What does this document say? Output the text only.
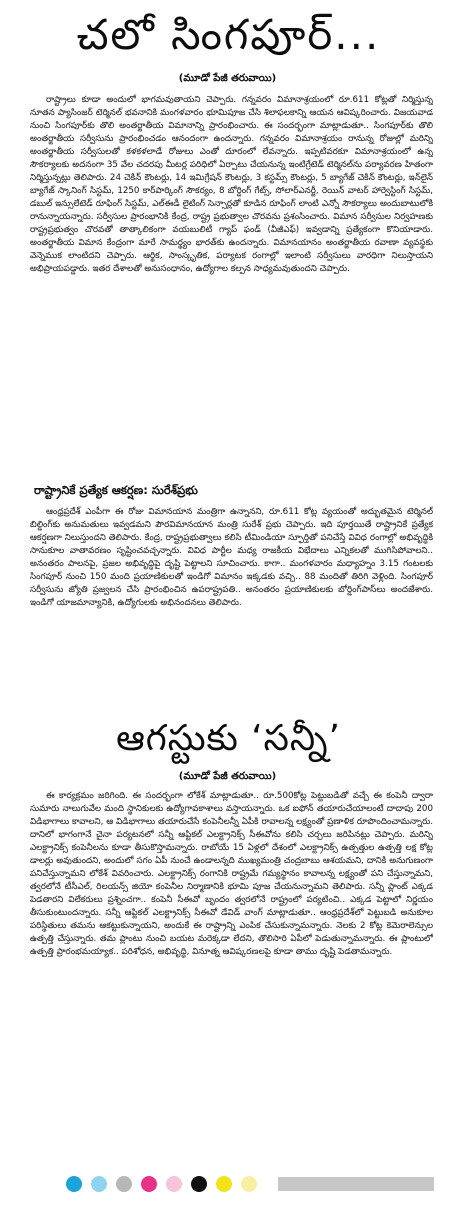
చలో సింగపూర్...
(మూడో పేజీ తరువాయి)

రాష్ట్రాలు కూడా అందులో భాగమవుతాయని చెప్పారు. గన్నవరం విమానాశ్రయంలో రూ.611 కోట్లతో నిర్మిస్తున్న నూతన ప్యాసింజర్ టెర్మినల్ భవనానికి మంగళవారం భూమిపూజ చేసి శిలాఫలకాన్ని ఆయన ఆవిష్కరించారు. విజయవాడ నుంచి సింగపూర్‌కు తొలి అంతర్జాతీయ విమానాన్ని ప్రారంభించారు. ఈ సందర్భంగా మాట్లాడుతూ.. సింగపూర్‌కు తొలి అంతర్జాతీయ సర్వీసును ప్రారంభించడం ఆనందంగా ఉందన్నారు. గన్నవరం విమానాశ్రయం రానున్న రోజుల్లో మరిన్ని అంతర్జాతీయ సర్వీసులతో కళకళలాడే రోజులు ఎంతో దూరంలో లేవన్నారు. ఇప్పటివరకూ విమానాశ్రయంలో ఉన్న సౌకర్యాలకు అదనంగా 35 వేల చదరపు మీటర్ల పరిధిలో ఏర్పాటు చేయనున్న ఇంటిగ్రేటెడ్ టెర్మినల్‌ను పర్యావరణ హితంగా నిర్మిస్తున్నట్లు తెలిపారు. 24 చెకిన్ కౌంటర్లు, 14 ఇమిగ్రేషన్ కౌంటర్లు, 3 కస్టమ్స్ కౌంటర్లు, 5 బ్యాగేజ్ చెకిన్ కౌంటర్లు, ఇన్‌లైన్ బ్యాగేజ్ స్కానింగ్ సిస్టమ్, 1250 కార్‌పార్కింగ్ సౌకర్యం, 8 బోర్డింగ్ గేట్స్, సోలార్‌ఎనర్జీ, రెయిన్ వాటర్ హార్వెస్టింగ్ సిస్టమ్, డబుల్ ఇన్సులేటెడ్ రూఫింగ్ సిస్టమ్, ఎల్ఈడీ లైటింగ్ సెన్సార్లతో కూడిన రూఫింగ్ లాంటి ఎన్నో సౌకర్యాలు అందుబాటులోకి రానున్నాయన్నారు. సర్వీసుల ప్రారంభానికి కేంద్ర, రాష్ట్ర ప్రభుత్వాల చొరవను ప్రశంసించారు. విమాన సర్వీసుల నిర్వహణకు రాష్ట్రప్రభుత్వం చొరవతో తాత్కాలికంగా వయబులిటీ గ్యాప్ ఫండ్ (వీజీఎఫ్) ఇవ్వడాన్ని ప్రత్యేకంగా కొనియాడారు. అంతర్జాతీయ విమాన కేంద్రంగా మారే సామర్థ్యం భారత్‌కు ఉందన్నారు. విమానయానం అంతర్జాతీయ రవాణా వ్యవస్థకు వెన్నెముక లాంటిదని చెప్పారు. ఆర్థిక, సాంస్కృతిక, పర్యాటక రంగాల్లో ఇలాంటి సర్వీసులు వారధిగా నిలుస్తాయని అభిప్రాయపడ్డారు. ఇతర దేశాలతో అనుసంధానం, ఉద్యోగాల కల్పన సాధ్యమవుతుందని చెప్పారు.

రాష్ట్రానికే ప్రత్యేక ఆకర్షణ: సురేశ్‌ప్రభు

ఆంధ్రప్రదేశ్ ఎంపీగా ఈ రోజు విమానయాన మంత్రిగా ఉన్నానని, రూ.611 కోట్ల వ్యయంతో అద్భుతమైన టెర్మినల్ బిల్డింగ్‌కు అనుమతులు ఇవ్వడమని పౌరవిమానయాన మంత్రి సురేశ్ ప్రభు చెప్పారు. ఇది పూర్తయితే రాష్ట్రానికే ప్రత్యేక ఆకర్షణగా నిలుస్తుందని తెలిపారు. కేంద్ర, రాష్ట్రప్రభుత్వాలు కలిసి టీమిండియా స్ఫూర్తితో పనిచేస్తే వివిధ రంగాల్లో అభివృద్ధికి సానుకూల వాతావరణం సృష్టించవచ్చన్నారు. వివిధ పార్టీల మధ్య రాజకీయ విభేదాలు ఎన్నికలతో ముగిసిపోవాలని.. అనంతరం పాలనపై, ప్రజల అభివృద్ధిపై దృష్టి పెట్టాలని సూచించారు. కాగా.. మంగళవారం మధ్యాహ్నం 3.15 గంటలకు సింగపూర్ నుంచి 150 మంది ప్రయాణికులతో ఇండిగో విమానం ఇక్కడకు వచ్చి.. 88 మందితో తిరిగి వెళ్లింది. సింగపూర్ సర్వీసును జ్యోతి ప్రజ్వలన చేసి ప్రారంభించిన ఉపరాష్ట్రపతి.. అనంతరం ప్రయాణికులకు బోర్డింగ్‌పాస్‌లు అందజేశారు. ఇండిగో యాజమాన్యానికి, ఉద్యోగులకు అభినందనలు తెలిపారు.

ఆగస్టుకు ‘సన్నీ’
(మూడో పేజీ తరువాయి)

ఈ కార్యక్రమం జరిగింది. ఈ సందర్భంగా లోకేశ్ మాట్లాడుతూ.. రూ.500కోట్ల పెట్టుబడితో వచ్చే ఈ కంపెనీ ద్వారా సుమారు నాలుగువేల మంది స్థానికులకు ఉద్యోగావకాశాలు వస్తాయన్నారు. ఒక ఐఫోన్ తయారుచేయాలంటే దాదాపు 200 విడిభాగాలు కావాలని, ఆ విడిభాగాలు తయారుచేసే కంపెనీలన్నీ ఏపీకి రావాలన్న లక్ష్యంతో ప్రణాళిక రూపొందించామన్నారు. దానిలో భాగంగానే చైనా పర్యటనలో సన్నీ ఆప్టికల్ ఎలక్ట్రానిక్స్ సీఈవోను కలిసి చర్చలు జరిపినట్లు చెప్పారు. మరిన్ని ఎలక్ట్రానిక్స్ కంపెనీలను కూడా తీసుకొస్తామన్నారు. రాబోయే 15 ఏళ్లలో దేశంలో ఎలక్ట్రానిక్స్ ఉత్పత్తుల ఉత్పత్తి లక్ష కోట్ల డాలర్లు అవుతుందని, అందులో సగం ఏపీ నుంచే ఉండాలన్నది ముఖ్యమంత్రి చంద్రబాబు ఆశయమని, దానికి అనుగుణంగా పనిచేస్తున్నామని లోకేశ్ వివరించారు. ఎలక్ట్రానిక్స్ రంగానికి రాష్ట్రమే గమ్యస్థానం కావాలన్న లక్ష్యంతో పని చేస్తున్నామని, త్వరలోనే టీసీఎల్, రిలయన్స్ జియో కంపెనీల నిర్మాణానికి భూమి పూజ చేయనున్నామని తెలిపారు. సన్నీ ప్లాంట్ ఎక్కడ పెడతారని విలేకరులు ప్రశ్నించగా.. కంపెనీ సీఈవో బృందం త్వరలోనే రాష్ట్రంలో పర్యటించి.. ఎక్కడ పెట్టాలో నిర్ణయం తీసుకుంటుందన్నారు. సన్నీ ఆప్టికల్ ఎలక్ట్రానిక్స్ సీఈవో డేవిడ్ వాంగ్ మాట్లాడుతూ.. ఆంధ్రప్రదేశ్‌లో పెట్టుబడి అనుకూల పరిస్థితులు తమను ఆకట్టుకున్నాయని, అందుకే ఈ రాష్ట్రాన్ని ఎంపిక చేసుకున్నామన్నారు. నెలకు 2 కోట్ల కెమెరాలెన్సుల ఉత్పత్తి చేస్తున్నారు. తమ ప్లాంటు నుంచి బయట మరెక్కడా లేదని, తొలిసారి ఏపీలో పెడుతున్నామన్నారు. ఈ ప్లాంటులో ఉత్పత్తి ప్రారంభమయ్యాక.. పరిశోధన, అభివృద్ధి, వినూత్న ఆవిష్కరణలపై కూడా తాము దృష్టి పెడతామన్నారు.
